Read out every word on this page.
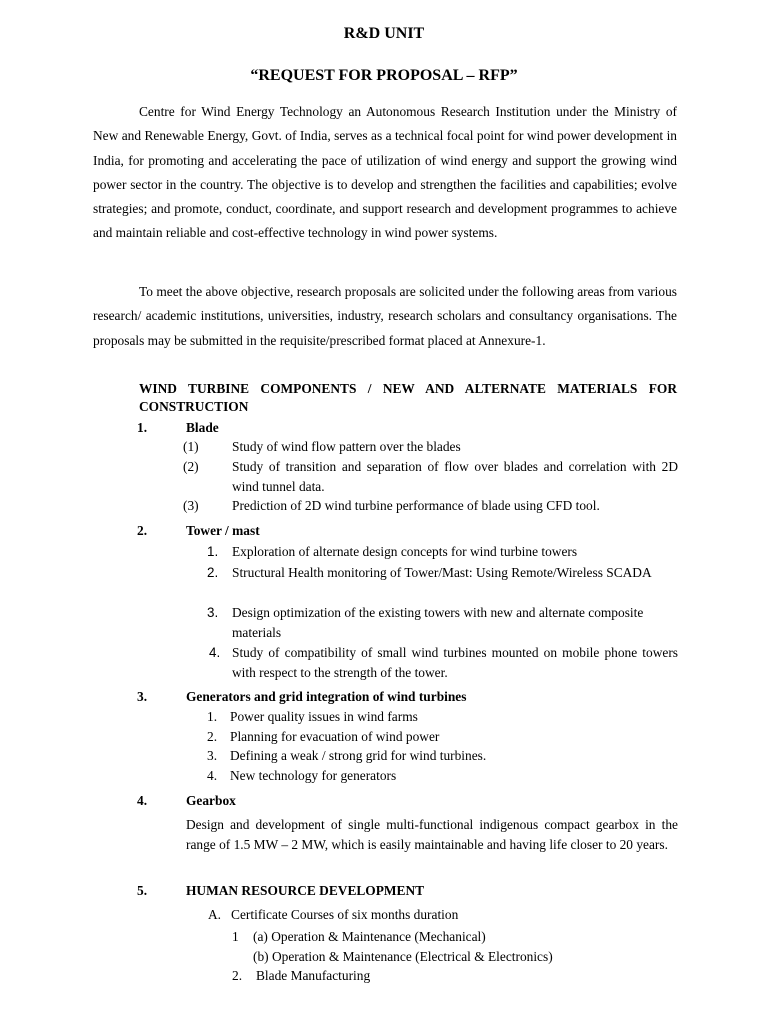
R&D UNIT
“REQUEST FOR PROPOSAL – RFP”
Centre for Wind Energy Technology an Autonomous Research Institution under the Ministry of New and Renewable Energy, Govt. of India, serves as a technical focal point for wind power development in India, for promoting and accelerating the pace of utilization of wind energy and support the growing wind power sector in the country. The objective is to develop and strengthen the facilities and capabilities; evolve strategies; and promote, conduct, coordinate, and support research and development programmes to achieve and maintain reliable and cost-effective technology in wind power systems.
To meet the above objective, research proposals are solicited under the following areas from various research/ academic institutions, universities, industry, research scholars and consultancy organisations. The proposals may be submitted in the requisite/prescribed format placed at Annexure-1.
WIND TURBINE COMPONENTS / NEW AND ALTERNATE MATERIALS FOR
CONSTRUCTION
1.	Blade
(1) Study of wind flow pattern over the blades
(2) Study of transition and separation of flow over blades and correlation with 2D wind tunnel data.
(3) Prediction of 2D wind turbine performance of blade using CFD tool.
2.	Tower / mast
1. Exploration of alternate design concepts for wind turbine towers
2. Structural Health monitoring of Tower/Mast: Using Remote/Wireless SCADA
3. Design optimization of the existing towers with new and alternate composite materials
4. Study of compatibility of small wind turbines mounted on mobile phone towers with respect to the strength of the tower.
3.	Generators and grid integration of wind turbines
1. Power quality issues in wind farms
2. Planning for evacuation of wind power
3. Defining a weak / strong grid for wind turbines.
4. New technology for generators
4.	Gearbox
Design and development of single multi-functional indigenous compact gearbox in the range of 1.5 MW – 2 MW, which is easily maintainable and having life closer to 20 years.
5.	HUMAN RESOURCE DEVELOPMENT
A.   Certificate Courses of six months duration
1 (a) Operation & Maintenance (Mechanical)
(b) Operation & Maintenance (Electrical & Electronics)
2. Blade Manufacturing
